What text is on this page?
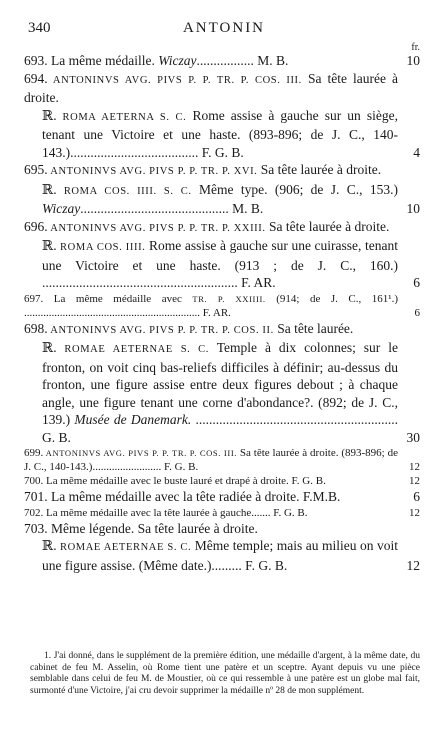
340	ANTONIN
fr.

693. La même médaille. Wiczay................. M. B.	10

694. ANTONINVS AVG. PIVS P. P. TR. P. COS. III. Sa tête laurée à droite.

ℝ. ROMA AETERNA S. C. Rome assise à gauche sur un siège, tenant une Victoire et une haste. (893-896; de J. C., 140-143.)...................................... F. G. B.	4

695. ANTONINVS AVG. PIVS P. P. TR. P. XVI. Sa tête laurée à droite.

ℝ. ROMA COS. IIII. S. C. Même type. (906; de J. C., 153.) Wiczay............................................ M. B.	10

696. ANTONINVS AVG. PIVS P. P. TR. P. XXIII. Sa tête laurée à droite.

ℝ. ROMA COS. IIII. Rome assise à gauche sur une cuirasse, tenant une Victoire et une haste. (913 ; de J. C., 160.) .......................................................... F. AR.	6

697. La même médaille avec TR. P. XXIIII. (914; de J. C., 161¹.) ................................................................ F. AR.	6

698. ANTONINVS AVG. PIVS P. P. TR. P. COS. II. Sa tête laurée.

ℝ. ROMAE AETERNAE S. C. Temple à dix colonnes; sur le fronton, on voit cinq bas-reliefs difficiles à définir; au-dessus du fronton, une figure assise entre deux figures debout ; à chaque angle, une figure tenant une corne d'abondance?. (892; de J. C., 139.) Musée de Danemark. ............................................................ G. B.	30

699. ANTONINVS AVG. PIVS P. P. TR. P. COS. III. Sa tête laurée à droite. (893-896; de J. C., 140-143.)......................... F. G. B.	12

700. La même médaille avec le buste lauré et drapé à droite. F. G. B.	12

701. La même médaille avec la tête radiée à droite. F.M.B.	6

702. La même médaille avec la tête laurée à gauche....... F. G. B.	12

703. Même légende. Sa tête laurée à droite.

ℝ. ROMAE AETERNAE S. C. Même temple; mais au milieu on voit une figure assise. (Même date.)......... F. G. B.	12

1. J'ai donné, dans le supplément de la première édition, une médaille d'argent, à la même date, du cabinet de feu M. Asselin, où Rome tient une patère et un sceptre. Ayant depuis vu une pièce semblable dans celui de feu M. de Moustier, où ce qui ressemble à une patère est un globe mal fait, surmonté d'une Victoire, j'ai cru devoir supprimer la médaille nº 28 de mon supplément.
